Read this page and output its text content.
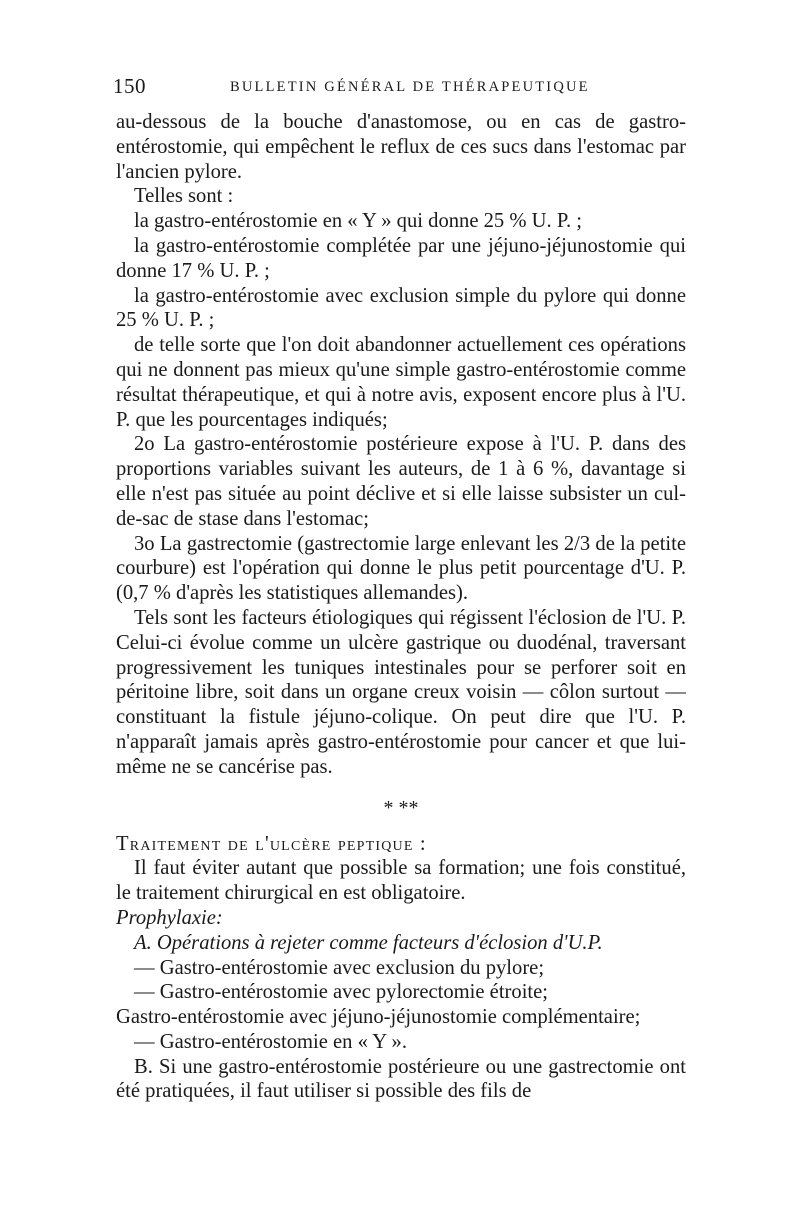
150	BULLETIN GÉNÉRAL DE THÉRAPEUTIQUE

au-dessous de la bouche d'anastomose, ou en cas de gastro-entérostomie, qui empêchent le reflux de ces sucs dans l'estomac par l'ancien pylore.

Telles sont :

la gastro-entérostomie en « Y » qui donne 25 % U. P. ;

la gastro-entérostomie complétée par une jéjuno-jéjunostomie qui donne 17 % U. P. ;

la gastro-entérostomie avec exclusion simple du pylore qui donne 25 % U. P. ;

de telle sorte que l'on doit abandonner actuellement ces opérations qui ne donnent pas mieux qu'une simple gastro-entérostomie comme résultat thérapeutique, et qui à notre avis, exposent encore plus à l'U. P. que les pourcentages indiqués;

2o La gastro-entérostomie postérieure expose à l'U. P. dans des proportions variables suivant les auteurs, de 1 à 6 %, davantage si elle n'est pas située au point déclive et si elle laisse subsister un cul-de-sac de stase dans l'estomac;

3o La gastrectomie (gastrectomie large enlevant les 2/3 de la petite courbure) est l'opération qui donne le plus petit pourcentage d'U. P. (0,7 % d'après les statistiques allemandes).

Tels sont les facteurs étiologiques qui régissent l'éclosion de l'U. P. Celui-ci évolue comme un ulcère gastrique ou duodénal, traversant progressivement les tuniques intestinales pour se perforer soit en péritoine libre, soit dans un organe creux voisin — côlon surtout — constituant la fistule jéjuno-colique. On peut dire que l'U. P. n'apparaît jamais après gastro-entérostomie pour cancer et que lui-même ne se cancérise pas.

* **

Traitement de l'ulcère peptique :

Il faut éviter autant que possible sa formation; une fois constitué, le traitement chirurgical en est obligatoire.

Prophylaxie:

A. Opérations à rejeter comme facteurs d'éclosion d'U.P.

— Gastro-entérostomie avec exclusion du pylore;

— Gastro-entérostomie avec pylorectomie étroite;

Gastro-entérostomie avec jéjuno-jéjunostomie complémentaire;

— Gastro-entérostomie en « Y ».

B. Si une gastro-entérostomie postérieure ou une gastrectomie ont été pratiquées, il faut utiliser si possible des fils de
